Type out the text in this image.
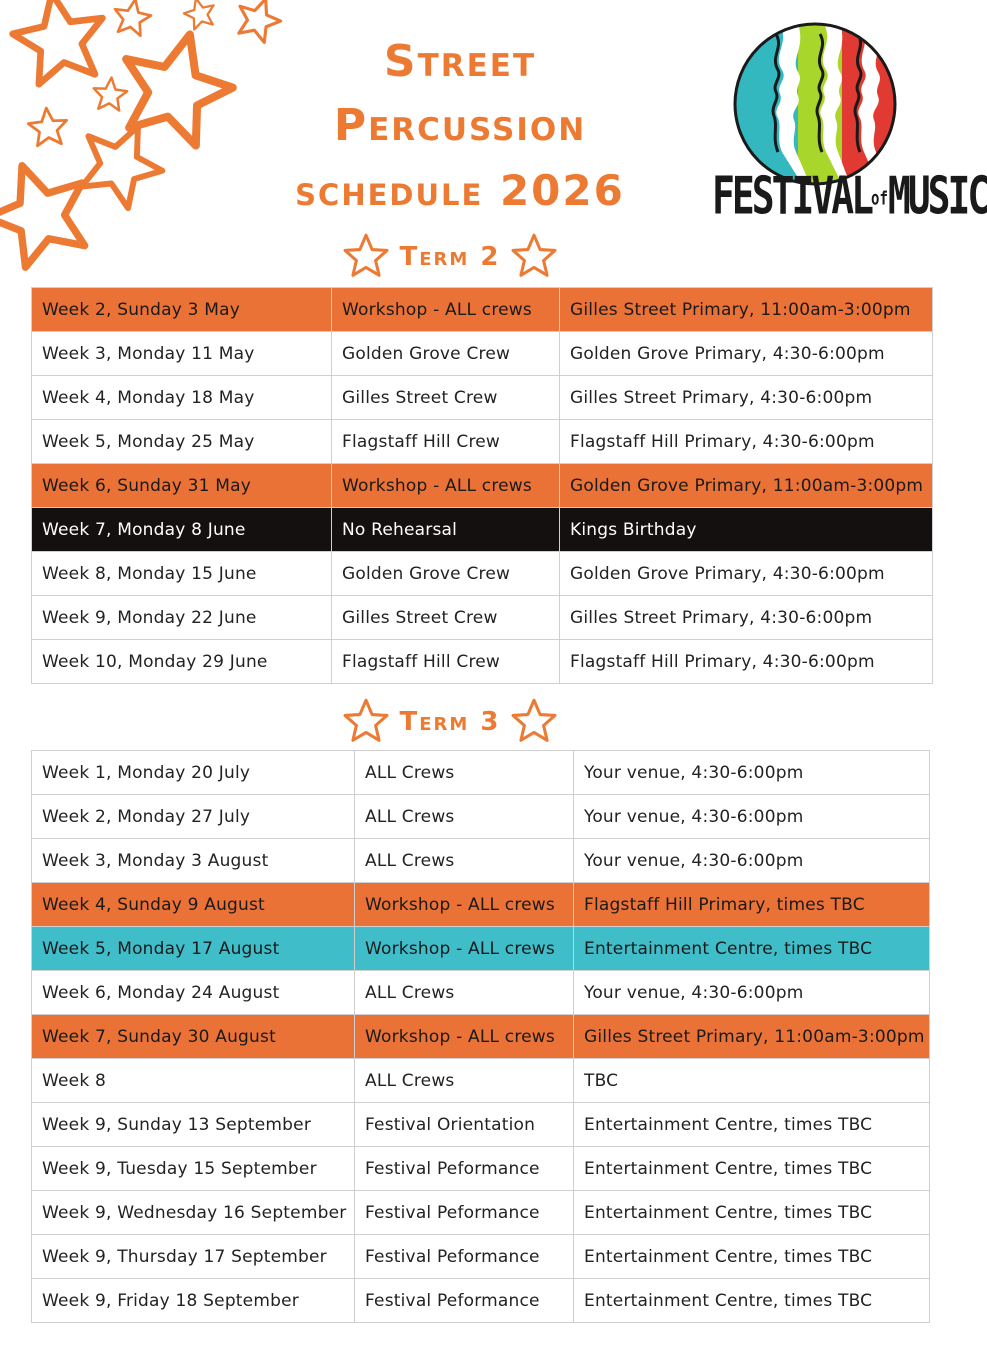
Street
Percussion
schedule 2026	FESTIVALofMUSIC
Term 2
Week 2, Sunday 3 May	Workshop - ALL crews	Gilles Street Primary, 11:00am-3:00pm
Week 3, Monday 11 May	Golden Grove Crew	Golden Grove Primary, 4:30-6:00pm
Week 4, Monday 18 May	Gilles Street Crew	Gilles Street Primary, 4:30-6:00pm
Week 5, Monday 25 May	Flagstaff Hill Crew	Flagstaff Hill Primary, 4:30-6:00pm
Week 6, Sunday 31 May	Workshop - ALL crews	Golden Grove Primary, 11:00am-3:00pm
Week 7, Monday 8 June	No Rehearsal	Kings Birthday
Week 8, Monday 15 June	Golden Grove Crew	Golden Grove Primary, 4:30-6:00pm
Week 9, Monday 22 June	Gilles Street Crew	Gilles Street Primary, 4:30-6:00pm
Week 10, Monday 29 June	Flagstaff Hill Crew	Flagstaff Hill Primary, 4:30-6:00pm
Term 3
Week 1, Monday 20 July	ALL Crews	Your venue, 4:30-6:00pm
Week 2, Monday 27 July	ALL Crews	Your venue, 4:30-6:00pm
Week 3, Monday 3 August	ALL Crews	Your venue, 4:30-6:00pm
Week 4, Sunday 9 August	Workshop - ALL crews	Flagstaff Hill Primary, times TBC
Week 5, Monday 17 August	Workshop - ALL crews	Entertainment Centre, times TBC
Week 6, Monday 24 August	ALL Crews	Your venue, 4:30-6:00pm
Week 7, Sunday 30 August	Workshop - ALL crews	Gilles Street Primary, 11:00am-3:00pm
Week 8	ALL Crews	TBC
Week 9, Sunday 13 September	Festival Orientation	Entertainment Centre, times TBC
Week 9, Tuesday 15 September	Festival Peformance	Entertainment Centre, times TBC
Week 9, Wednesday 16 September	Festival Peformance	Entertainment Centre, times TBC
Week 9, Thursday 17 September	Festival Peformance	Entertainment Centre, times TBC
Week 9, Friday 18 September	Festival Peformance	Entertainment Centre, times TBC
